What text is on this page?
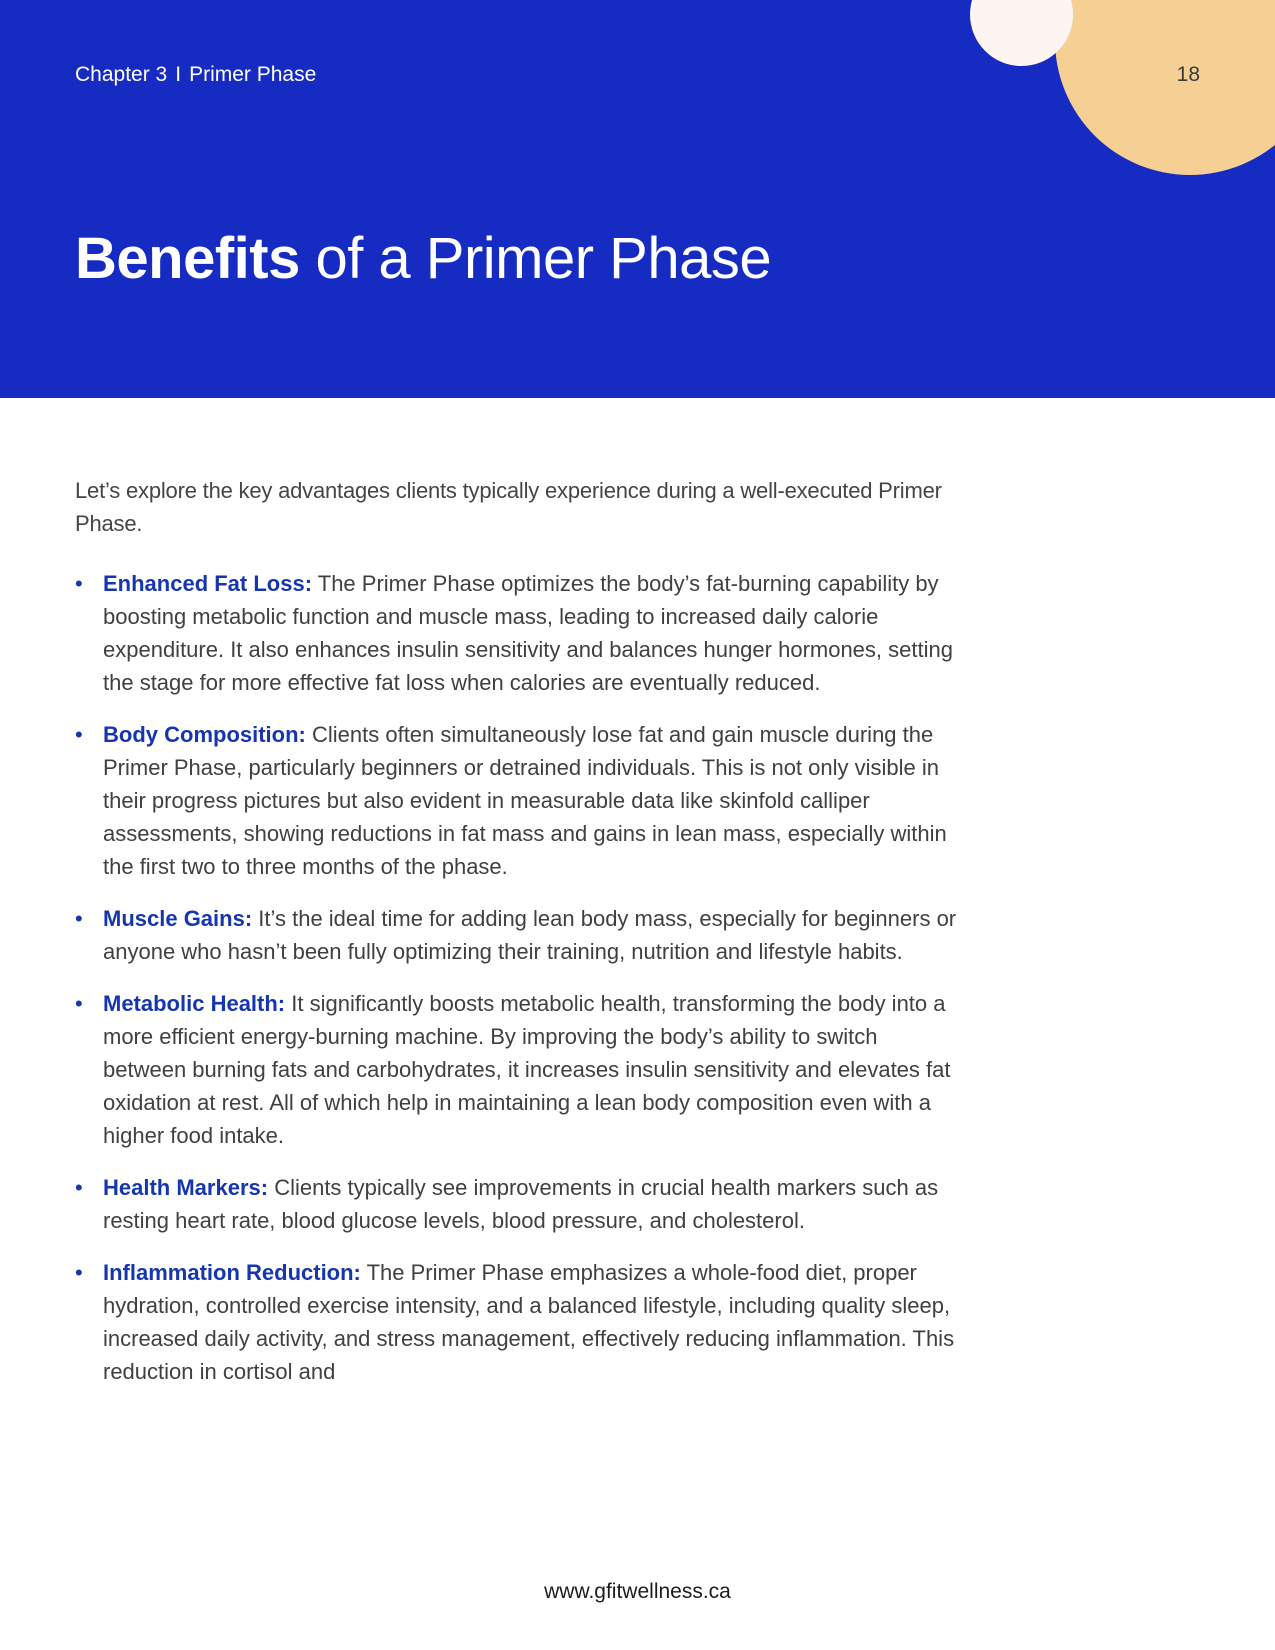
Chapter 3 I Primer Phase	18
Benefits of a Primer Phase

Let’s explore the key advantages clients typically experience during a well-executed Primer Phase.

• Enhanced Fat Loss: The Primer Phase optimizes the body’s fat-burning capability by boosting metabolic function and muscle mass, leading to increased daily calorie expenditure. It also enhances insulin sensitivity and balances hunger hormones, setting the stage for more effective fat loss when calories are eventually reduced.
• Body Composition: Clients often simultaneously lose fat and gain muscle during the Primer Phase, particularly beginners or detrained individuals. This is not only visible in their progress pictures but also evident in measurable data like skinfold calliper assessments, showing reductions in fat mass and gains in lean mass, especially within the first two to three months of the phase.
• Muscle Gains: It’s the ideal time for adding lean body mass, especially for beginners or anyone who hasn’t been fully optimizing their training, nutrition and lifestyle habits.
• Metabolic Health: It significantly boosts metabolic health, transforming the body into a more efficient energy-burning machine. By improving the body’s ability to switch between burning fats and carbohydrates, it increases insulin sensitivity and elevates fat oxidation at rest. All of which help in maintaining a lean body composition even with a higher food intake.
• Health Markers: Clients typically see improvements in crucial health markers such as resting heart rate, blood glucose levels, blood pressure, and cholesterol.
• Inflammation Reduction: The Primer Phase emphasizes a whole-food diet, proper hydration, controlled exercise intensity, and a balanced lifestyle, including quality sleep, increased daily activity, and stress management, effectively reducing inflammation. This reduction in cortisol and
www.gfitwellness.ca
